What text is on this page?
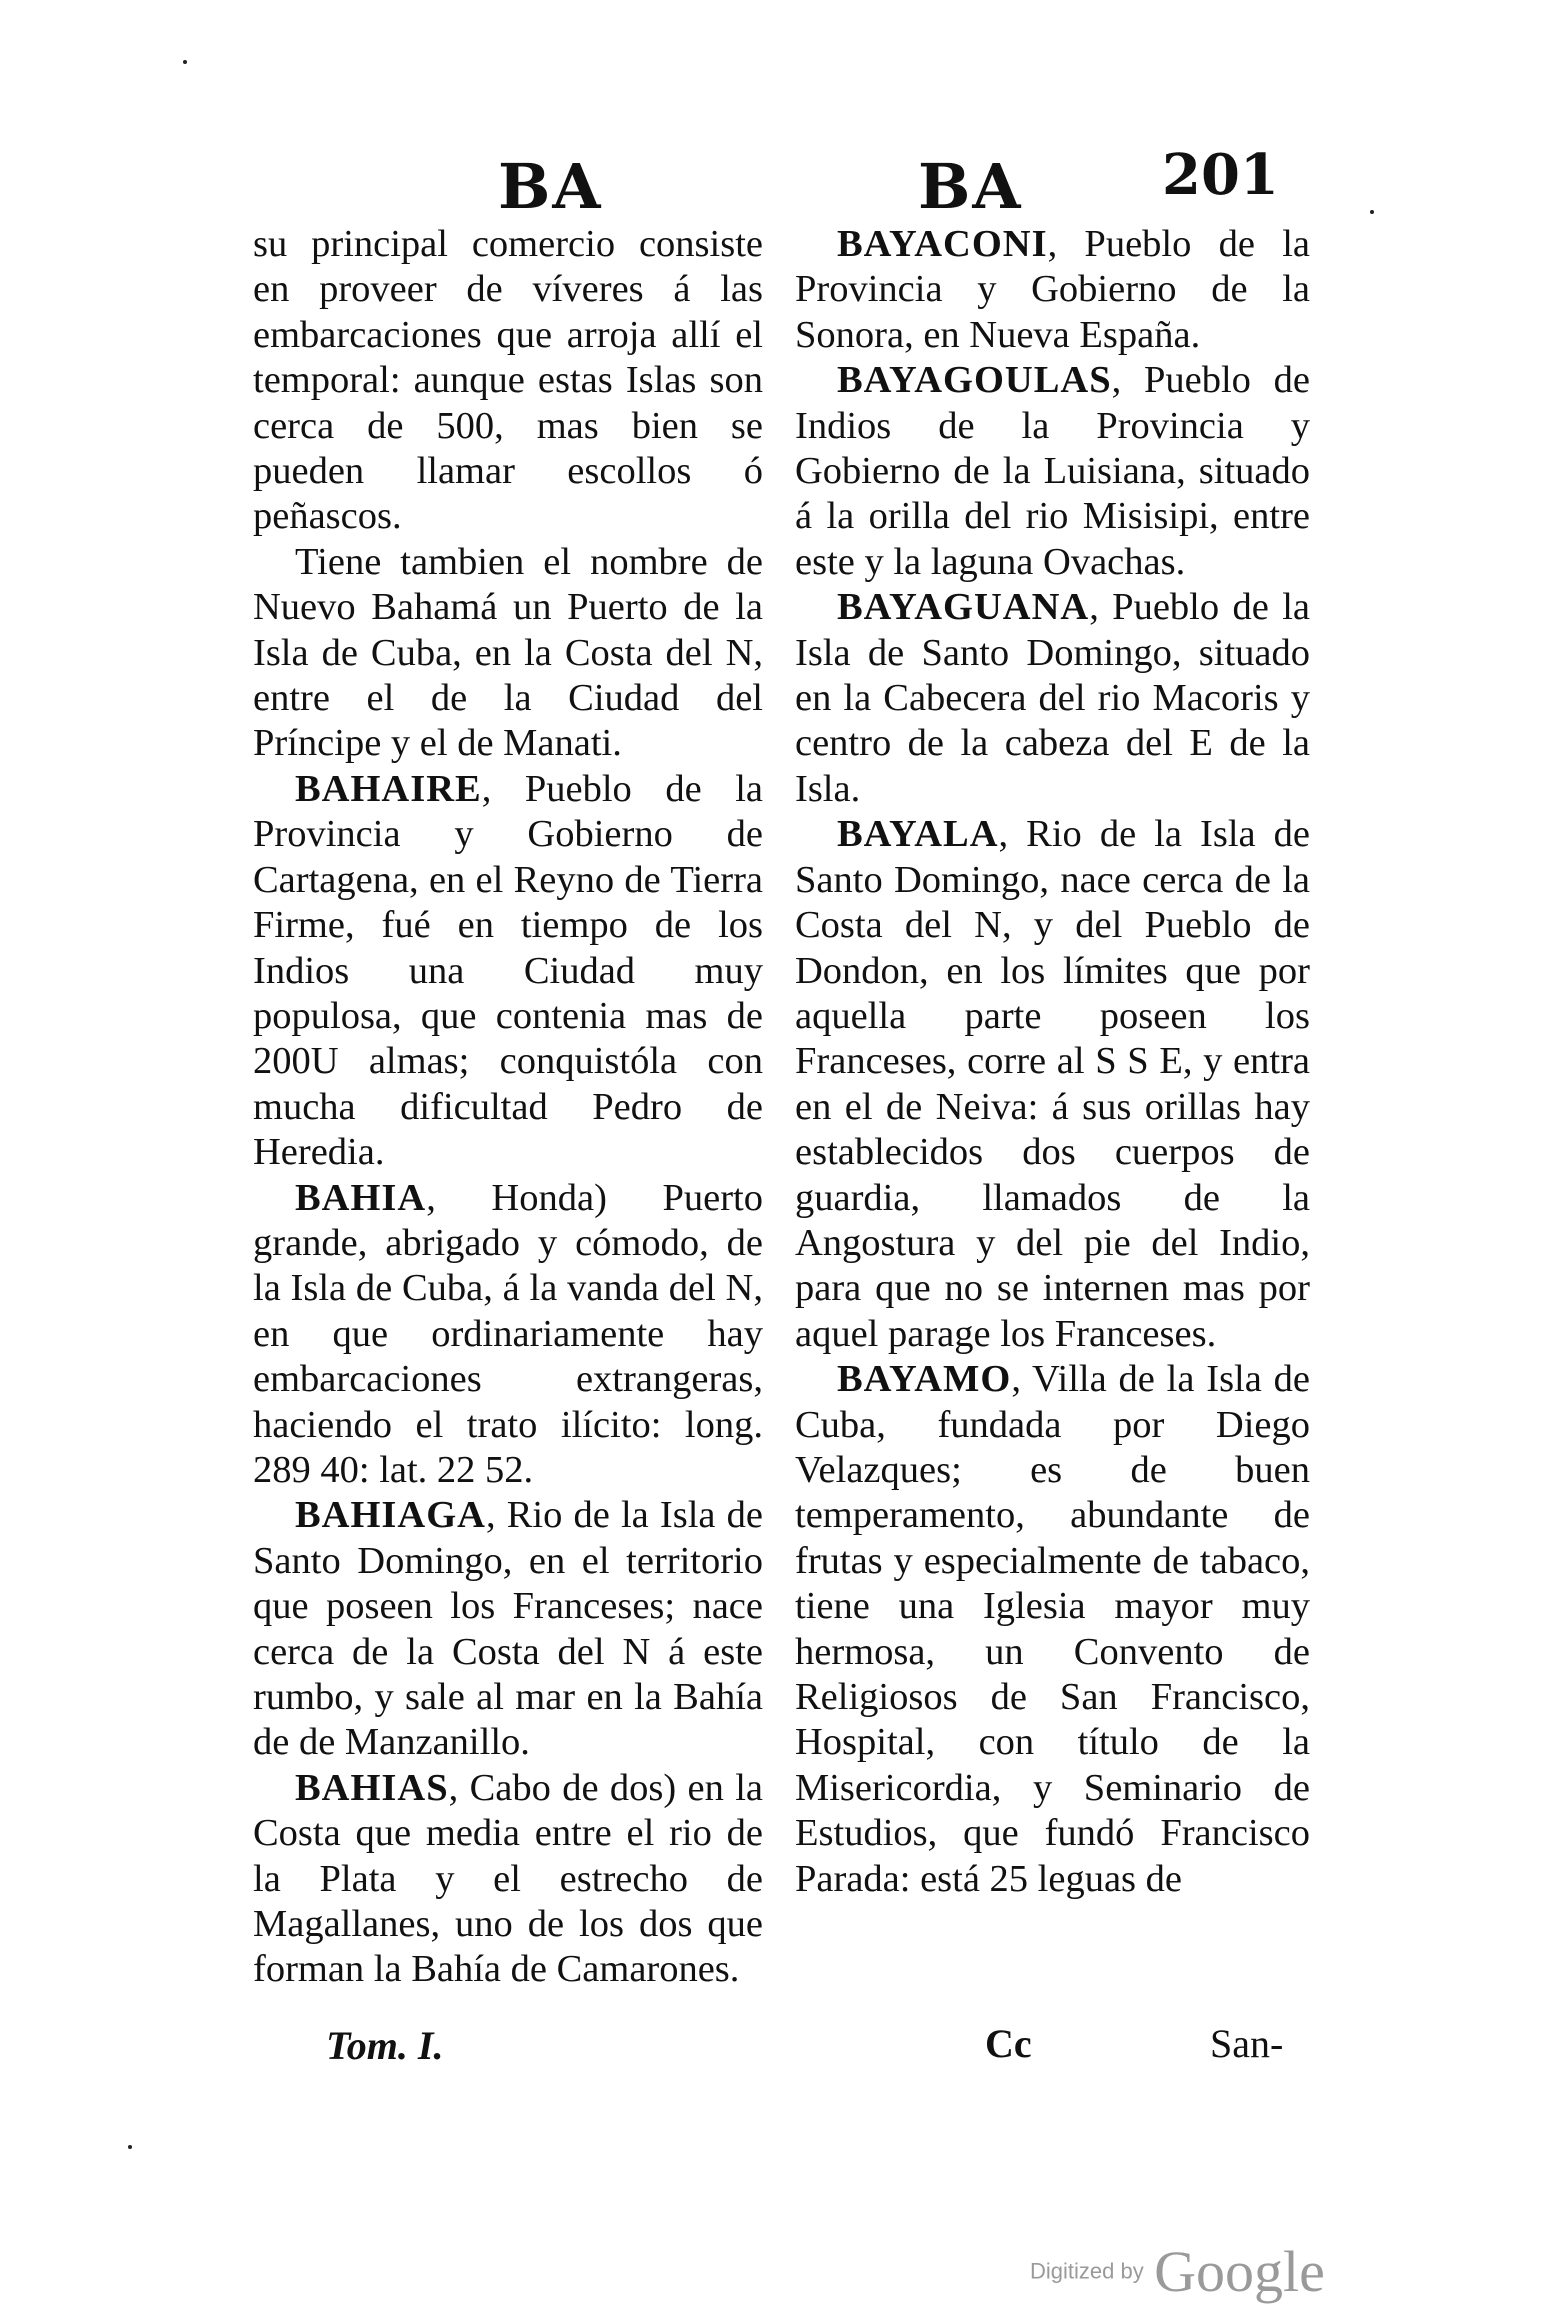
BA	BA 201

su principal comercio consiste en proveer de víveres á las embarcaciones que arroja allí el temporal: aunque estas Islas son cerca de 500, mas bien se pueden llamar escollos ó peñascos.

Tiene tambien el nombre de Nuevo Bahamá un Puerto de la Isla de Cuba, en la Costa del N, entre el de la Ciudad del Príncipe y el de Manati.

BAHAIRE, Pueblo de la Provincia y Gobierno de Cartagena, en el Reyno de Tierra Firme, fué en tiempo de los Indios una Ciudad muy populosa, que contenia mas de 200U almas; conquistóla con mucha dificultad Pedro de Heredia.

BAHIA, Honda) Puerto grande, abrigado y cómodo, de la Isla de Cuba, á la vanda del N, en que ordinariamente hay embarcaciones extrangeras, haciendo el trato ilícito: long. 289 40: lat. 22 52.

BAHIAGA, Rio de la Isla de Santo Domingo, en el territorio que poseen los Franceses; nace cerca de la Costa del N á este rumbo, y sale al mar en la Bahía de de Manzanillo.

BAHIAS, Cabo de dos) en la Costa que media entre el rio de la Plata y el estrecho de Magallanes, uno de los dos que forman la Bahía de Camarones.

BAYACONI, Pueblo de la Provincia y Gobierno de la Sonora, en Nueva España.

BAYAGOULAS, Pueblo de Indios de la Provincia y Gobierno de la Luisiana, situado á la orilla del rio Misisipi, entre este y la laguna Ovachas.

BAYAGUANA, Pueblo de la Isla de Santo Domingo, situado en la Cabecera del rio Macoris y centro de la cabeza del E de la Isla.

BAYALA, Rio de la Isla de Santo Domingo, nace cerca de la Costa del N, y del Pueblo de Dondon, en los límites que por aquella parte poseen los Franceses, corre al S S E, y entra en el de Neiva: á sus orillas hay establecidos dos cuerpos de guardia, llamados de la Angostura y del pie del Indio, para que no se internen mas por aquel parage los Franceses.

BAYAMO, Villa de la Isla de Cuba, fundada por Diego Velazques; es de buen temperamento, abundante de frutas y especialmente de tabaco, tiene una Iglesia mayor muy hermosa, un Convento de Religiosos de San Francisco, Hospital, con título de la Misericordia, y Seminario de Estudios, que fundó Francisco Parada: está 25 leguas de

Tom. I.	Cc	San-
Digitized by Google
